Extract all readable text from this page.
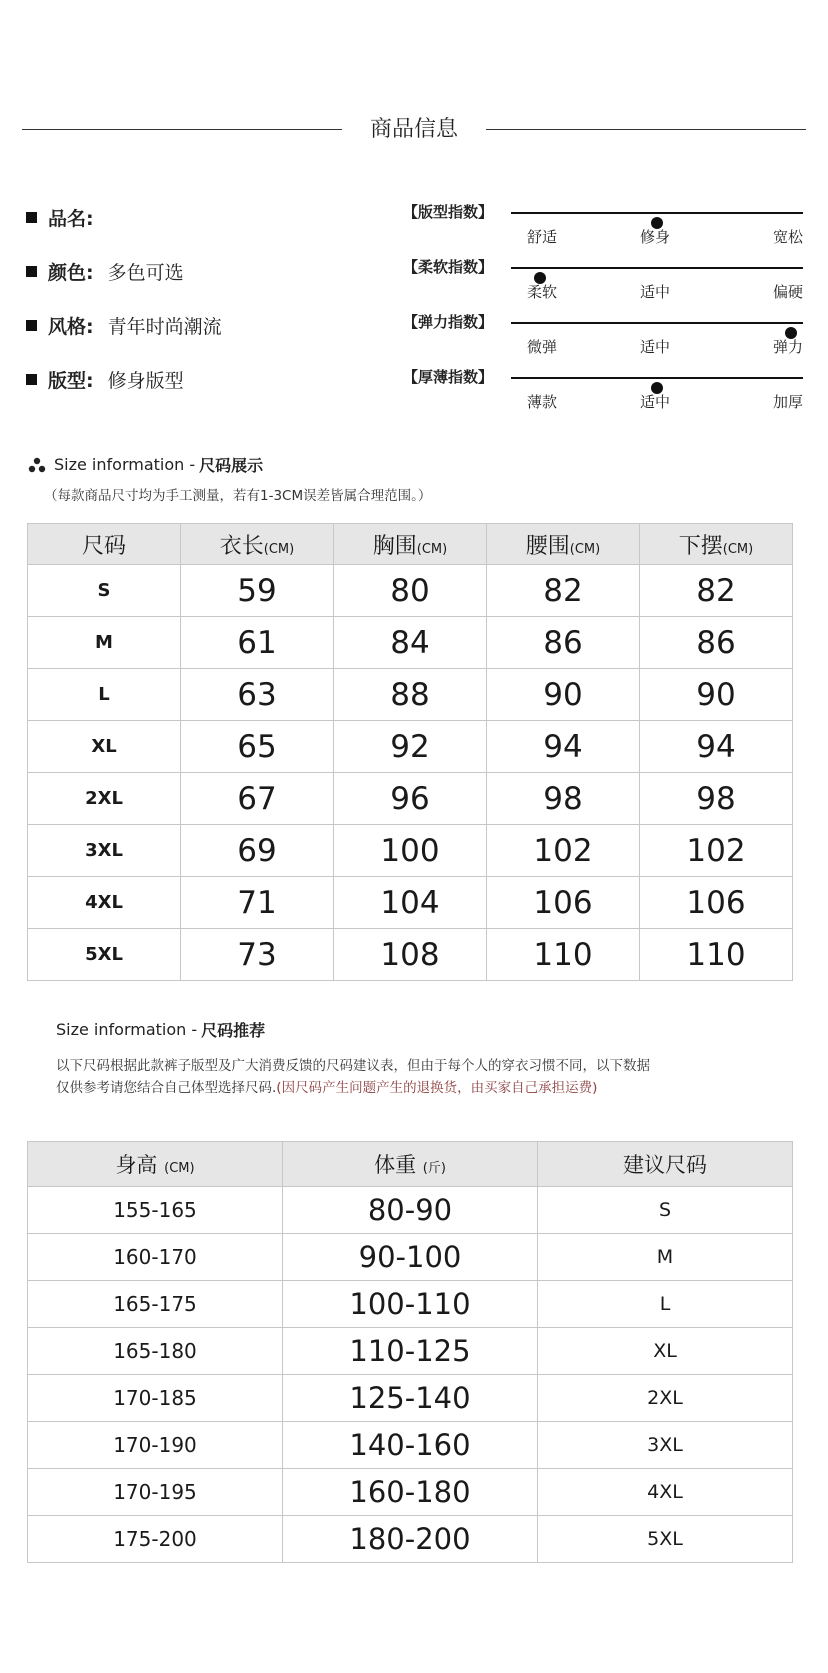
商品信息
品名:
颜色: 多色可选
风格: 青年时尚潮流
版型: 修身版型
【版型指数】
舒适	修身	宽松
【柔软指数】
柔软	适中	偏硬
【弹力指数】
微弹	适中	弹力
【厚薄指数】
薄款	适中	加厚
Size information - 尺码展示
（每款商品尺寸均为手工测量，若有1-3CM误差皆属合理范围。）
尺码	衣长(CM)	胸围(CM)	腰围(CM)	下摆(CM)
S	59	80	82	82
M	61	84	86	86
L	63	88	90	90
XL	65	92	94	94
2XL	67	96	98	98
3XL	69	100	102	102
4XL	71	104	106	106
5XL	73	108	110	110
Size information - 尺码推荐
以下尺码根据此款裤子版型及广大消费反馈的尺码建议表，但由于每个人的穿衣习惯不同，以下数据
仅供参考请您结合自己体型选择尺码.(因尺码产生问题产生的退换货，由买家自己承担运费)
身高 (CM)	体重 (斤)	建议尺码
155-165	80-90	S
160-170	90-100	M
165-175	100-110	L
165-180	110-125	XL
170-185	125-140	2XL
170-190	140-160	3XL
170-195	160-180	4XL
175-200	180-200	5XL
